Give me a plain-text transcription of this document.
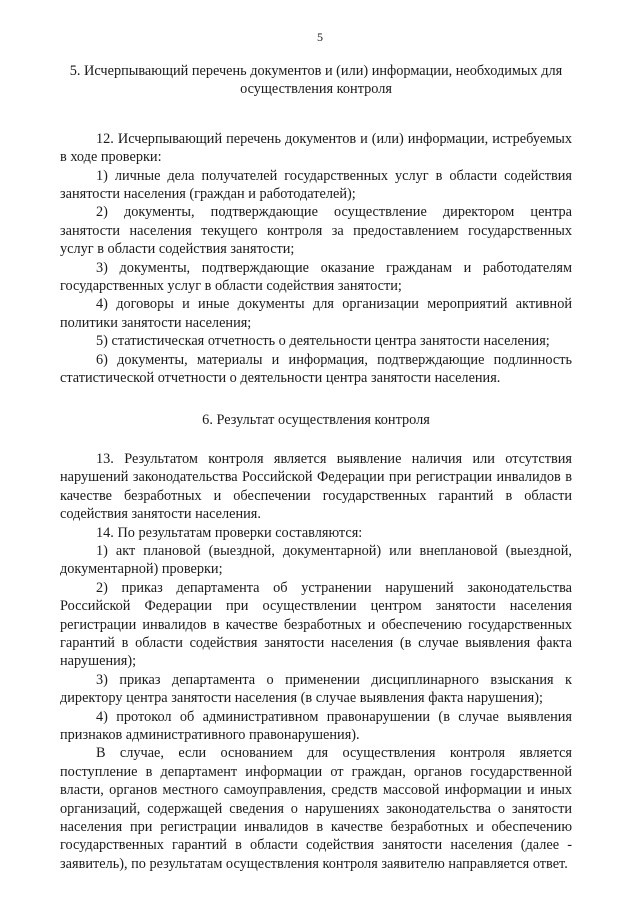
5

5. Исчерпывающий перечень документов и (или) информации, необходимых для осуществления контроля

12. Исчерпывающий перечень документов и (или) информации, истребуемых в ходе проверки:

1) личные дела получателей государственных услуг в области содействия занятости населения (граждан и работодателей);

2) документы, подтверждающие осуществление директором центра занятости населения текущего контроля за предоставлением государственных услуг в области содействия занятости;

3) документы, подтверждающие оказание гражданам и работодателям государственных услуг в области содействия занятости;

4) договоры и иные документы для организации мероприятий активной политики занятости населения;

5) статистическая отчетность о деятельности центра занятости населения;

6) документы, материалы и информация, подтверждающие подлинность статистической отчетности о деятельности центра занятости населения.

6. Результат осуществления контроля

13. Результатом контроля является выявление наличия или отсутствия нарушений законодательства Российской Федерации при регистрации инвалидов в качестве безработных и обеспечении государственных гарантий в области содействия занятости населения.

14. По результатам проверки составляются:

1) акт плановой (выездной, документарной) или внеплановой (выездной, документарной) проверки;

2) приказ департамента об устранении нарушений законодательства Российской Федерации при осуществлении центром занятости населения регистрации инвалидов в качестве безработных и обеспечению государственных гарантий в области содействия занятости населения (в случае выявления факта нарушения);

3) приказ департамента о применении дисциплинарного взыскания к директору центра занятости населения (в случае выявления факта нарушения);

4) протокол об административном правонарушении (в случае выявления признаков административного правонарушения).

В случае, если основанием для осуществления контроля является поступление в департамент информации от граждан, органов государственной власти, органов местного самоуправления, средств массовой информации и иных организаций, содержащей сведения о нарушениях законодательства о занятости населения при регистрации инвалидов в качестве безработных и обеспечению государственных гарантий в области содействия занятости населения (далее - заявитель), по результатам осуществления контроля заявителю направляется ответ.
